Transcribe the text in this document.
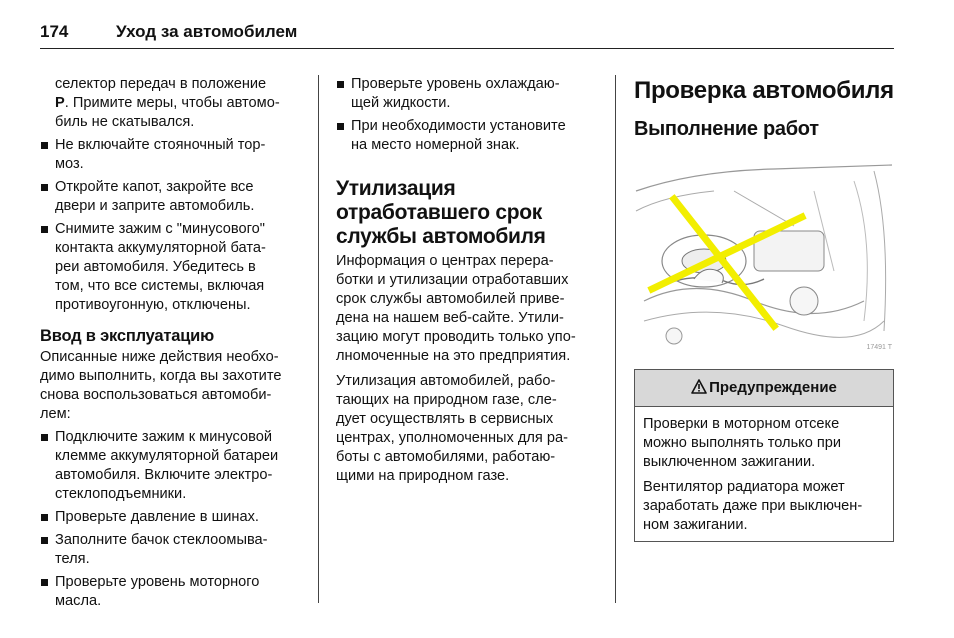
174	Уход за автомобилем
селектор передач в положение
P. Примите меры, чтобы автомо-
биль не скатывался.
Не включайте стояночный тор-
моз.
Откройте капот, закройте все
двери и заприте автомобиль.
Снимите зажим с "минусового"
контакта аккумуляторной бата-
реи автомобиля. Убедитесь в
том, что все системы, включая
противоугонную, отключены.
Ввод в эксплуатацию
Описанные ниже действия необхо-
димо выполнить, когда вы захотите
снова воспользоваться автомоби-
лем:
Подключите зажим к минусовой
клемме аккумуляторной батареи
автомобиля. Включите электро-
стеклоподъемники.
Проверьте давление в шинах.
Заполните бачок стеклоомыва-
теля.
Проверьте уровень моторного
масла.
Проверьте уровень охлаждаю-
щей жидкости.
При необходимости установите
на место номерной знак.
Утилизация
отработавшего срок
службы автомобиля
Информация о центрах перера-
ботки и утилизации отработавших
срок службы автомобилей приве-
дена на нашем веб-сайте. Утили-
зацию могут проводить только упо-
лномоченные на это предприятия.
Утилизация автомобилей, рабо-
тающих на природном газе, сле-
дует осуществлять в сервисных
центрах, уполномоченных для ра-
боты с автомобилями, работаю-
щими на природном газе.
Проверка автомобиля
Выполнение работ
17491 T
Предупреждение
Проверки в моторном отсеке
можно выполнять только при
выключенном зажигании.
Вентилятор радиатора может
заработать даже при выключен-
ном зажигании.
